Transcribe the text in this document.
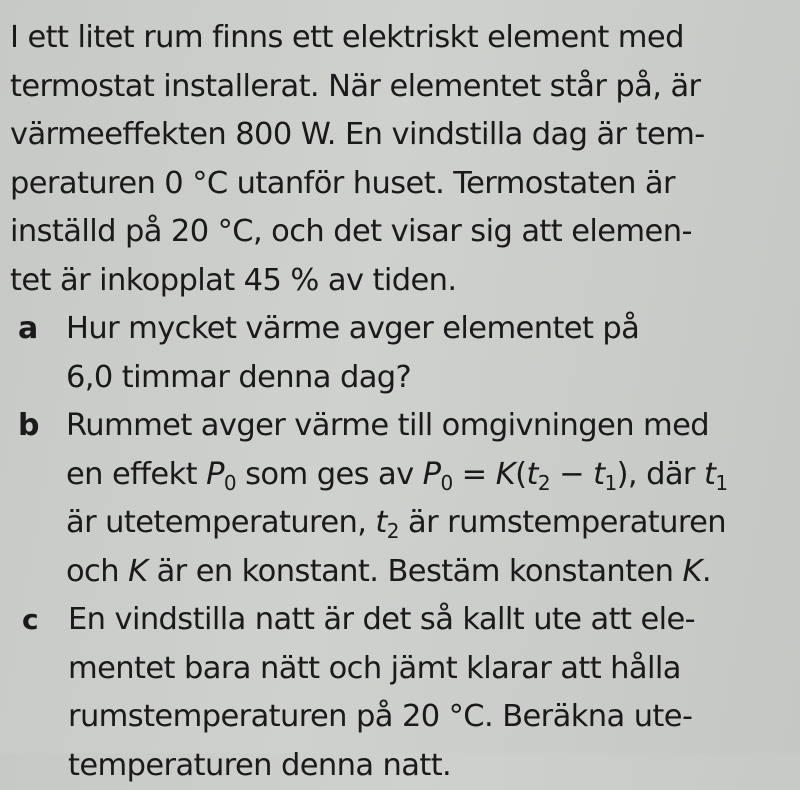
I ett litet rum finns ett elektriskt element med
termostat installerat. När elementet står på, är
värmeeffekten 800 W. En vindstilla dag är tem-
peraturen 0 °C utanför huset. Termostaten är
inställd på 20 °C, och det visar sig att elemen-
tet är inkopplat 45 % av tiden.
a Hur mycket värme avger elementet på
6,0 timmar denna dag?
b Rummet avger värme till omgivningen med
en effekt $P_0$ som ges av $P_0 = K(t_2 - t_1)$, där $t_1$
är utetemperaturen, $t_2$ är rumstemperaturen
och K är en konstant. Bestäm konstanten K.
c En vindstilla natt är det så kallt ute att ele-
mentet bara nätt och jämt klarar att hålla
rumstemperaturen på 20 °C. Beräkna ute-
temperaturen denna natt.
